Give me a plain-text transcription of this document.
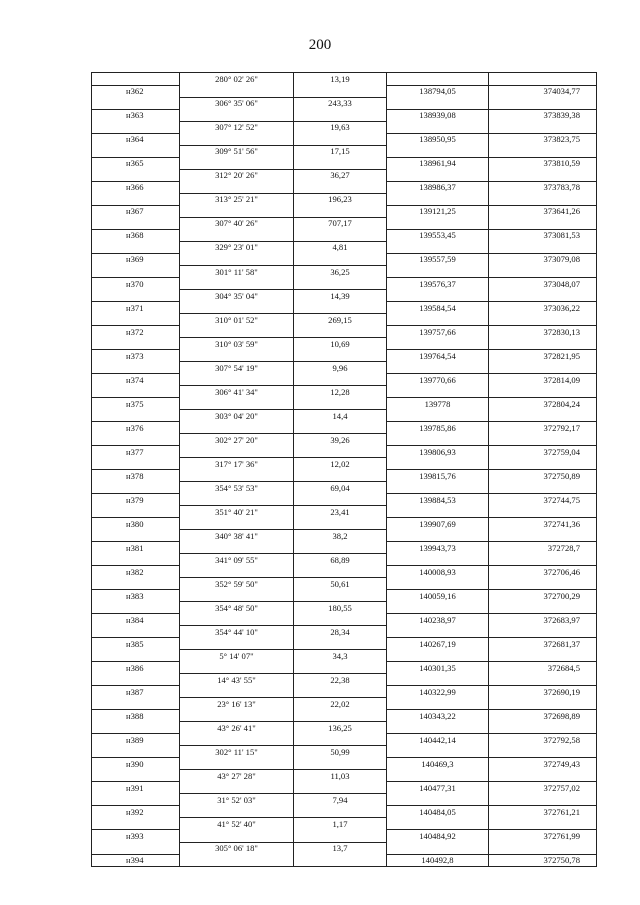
200
	280° 02' 26"	13,19		
н362			138794,05	374034,77
	306° 35' 06"	243,33		
н363			138939,08	373839,38
	307° 12' 52"	19,63		
н364			138950,95	373823,75
	309° 51' 56"	17,15		
н365			138961,94	373810,59
	312° 20' 26"	36,27		
н366			138986,37	373783,78
	313° 25' 21"	196,23		
н367			139121,25	373641,26
	307° 40' 26"	707,17		
н368			139553,45	373081,53
	329° 23' 01"	4,81		
н369			139557,59	373079,08
	301° 11' 58"	36,25		
н370			139576,37	373048,07
	304° 35' 04"	14,39		
н371			139584,54	373036,22
	310° 01' 52"	269,15		
н372			139757,66	372830,13
	310° 03' 59"	10,69		
н373			139764,54	372821,95
	307° 54' 19"	9,96		
н374			139770,66	372814,09
	306° 41' 34"	12,28		
н375			139778	372804,24
	303° 04' 20"	14,4		
н376			139785,86	372792,17
	302° 27' 20"	39,26		
н377			139806,93	372759,04
	317° 17' 36"	12,02		
н378			139815,76	372750,89
	354° 53' 53"	69,04		
н379			139884,53	372744,75
	351° 40' 21"	23,41		
н380			139907,69	372741,36
	340° 38' 41"	38,2		
н381			139943,73	372728,7
	341° 09' 55"	68,89		
н382			140008,93	372706,46
	352° 59' 50"	50,61		
н383			140059,16	372700,29
	354° 48' 50"	180,55		
н384			140238,97	372683,97
	354° 44' 10"	28,34		
н385			140267,19	372681,37
	5° 14' 07"	34,3		
н386			140301,35	372684,5
	14° 43' 55"	22,38		
н387			140322,99	372690,19
	23° 16' 13"	22,02		
н388			140343,22	372698,89
	43° 26' 41"	136,25		
н389			140442,14	372792,58
	302° 11' 15"	50,99		
н390			140469,3	372749,43
	43° 27' 28"	11,03		
н391			140477,31	372757,02
	31° 52' 03"	7,94		
н392			140484,05	372761,21
	41° 52' 40"	1,17		
н393			140484,92	372761,99
	305° 06' 18"	13,7		
н394			140492,8	372750,78
